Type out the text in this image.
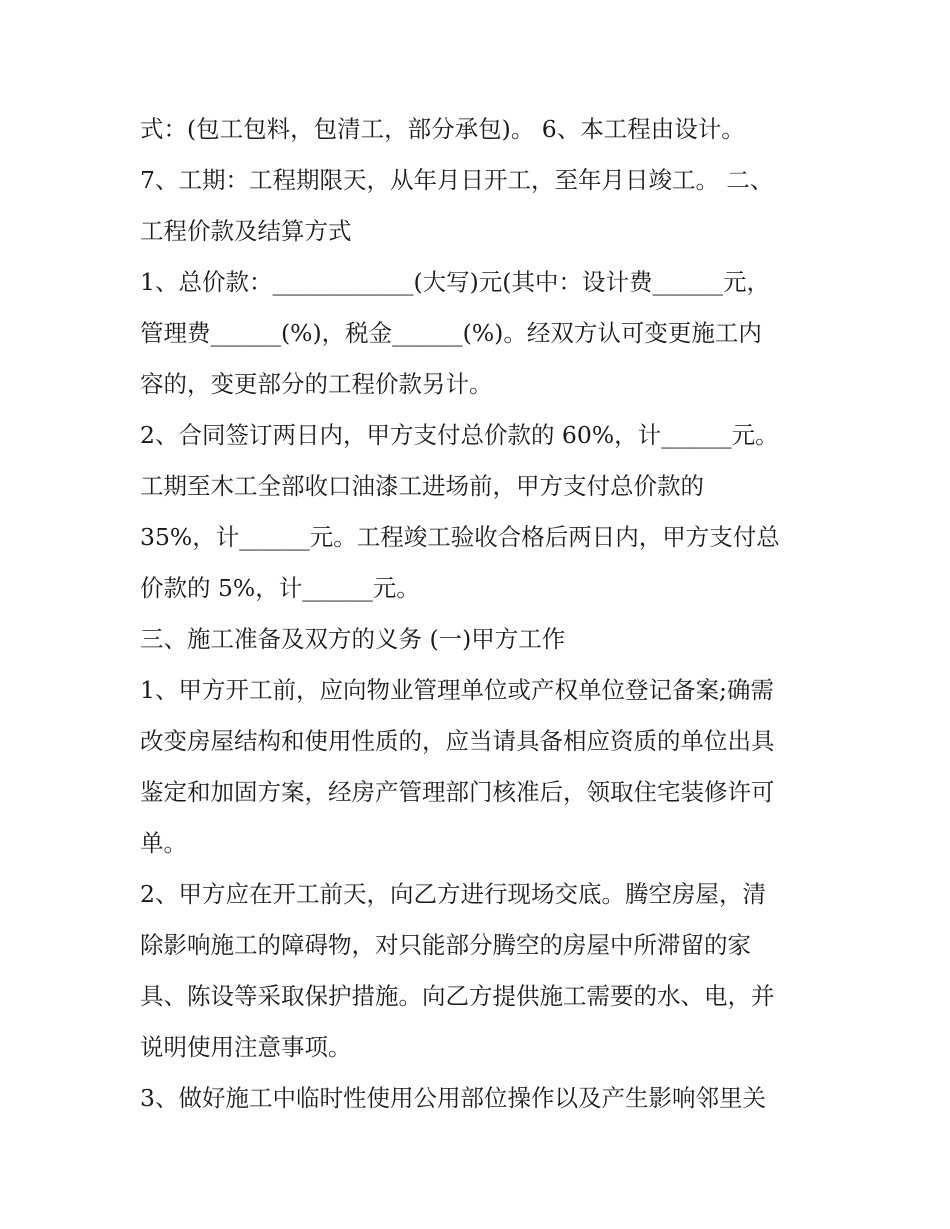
式：(包工包料，包清工，部分承包)。 6、本工程由设计。
7、工期：工程期限天，从年月日开工，至年月日竣工。 二、
工程价款及结算方式
1、总价款：____________(大写)元(其中：设计费______元，
管理费______(%)，税金______(%)。经双方认可变更施工内
容的，变更部分的工程价款另计。
2、合同签订两日内，甲方支付总价款的 60%，计______元。
工期至木工全部收口油漆工进场前，甲方支付总价款的
35%，计______元。工程竣工验收合格后两日内，甲方支付总
价款的 5%，计______元。
三、施工准备及双方的义务 (一)甲方工作
1、甲方开工前，应向物业管理单位或产权单位登记备案;确需
改变房屋结构和使用性质的，应当请具备相应资质的单位出具
鉴定和加固方案，经房产管理部门核准后，领取住宅装修许可
单。
2、甲方应在开工前天，向乙方进行现场交底。腾空房屋，清
除影响施工的障碍物，对只能部分腾空的房屋中所滞留的家
具、陈设等采取保护措施。向乙方提供施工需要的水、电，并
说明使用注意事项。
3、做好施工中临时性使用公用部位操作以及产生影响邻里关
